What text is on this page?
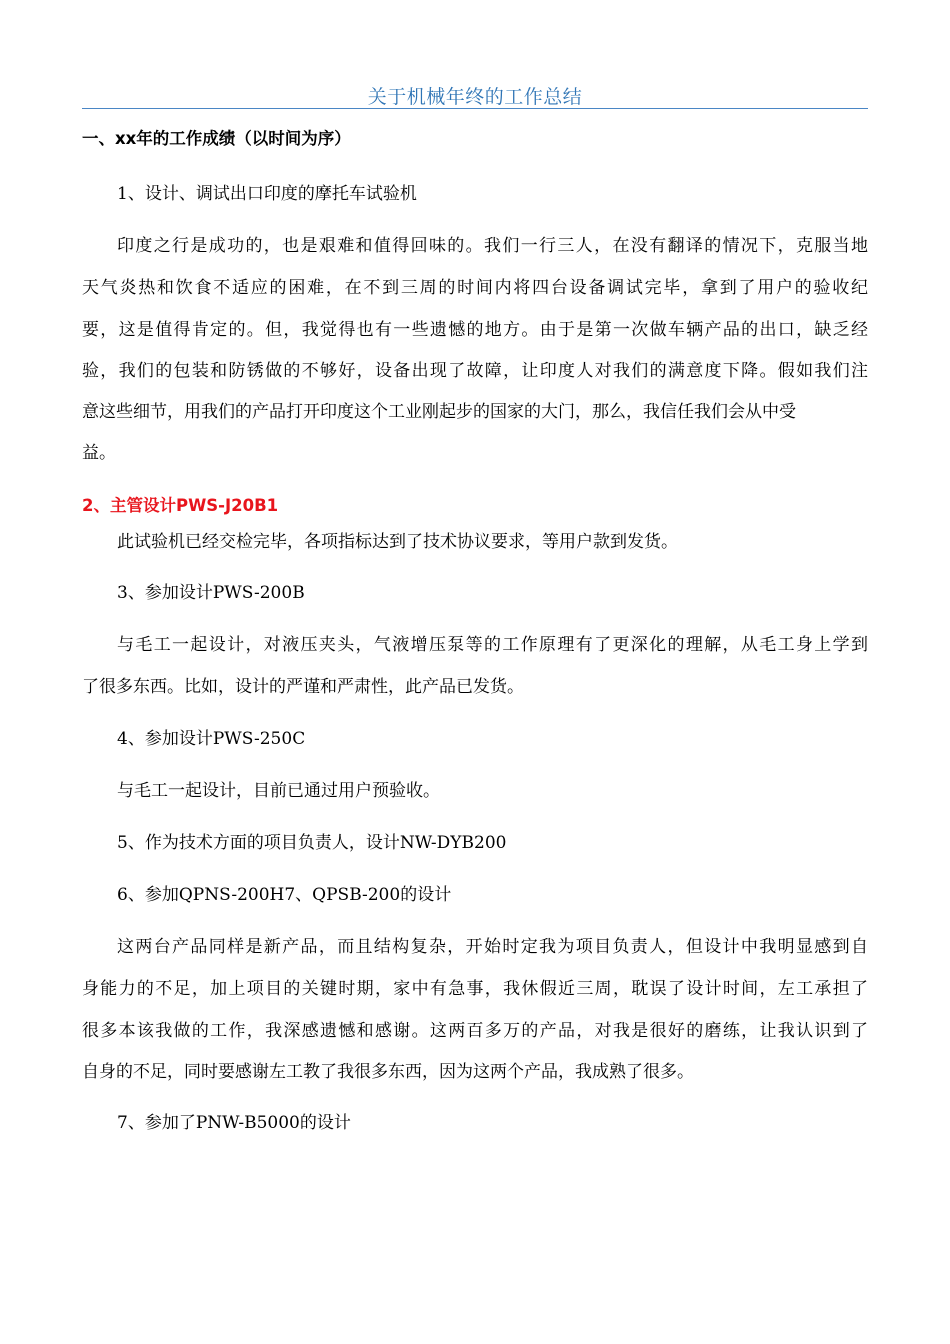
关于机械年终的工作总结
一、xx年的工作成绩（以时间为序）
1、设计、调试出口印度的摩托车试验机
印度之行是成功的，也是艰难和值得回味的。我们一行三人，在没有翻译的情况下，克服当地
天气炎热和饮食不适应的困难，在不到三周的时间内将四台设备调试完毕，拿到了用户的验收纪
要，这是值得肯定的。但，我觉得也有一些遗憾的地方。由于是第一次做车辆产品的出口，缺乏经
验，我们的包装和防锈做的不够好，设备出现了故障，让印度人对我们的满意度下降。假如我们注
意这些细节，用我们的产品打开印度这个工业刚起步的国家的大门，那么，我信任我们会从中受
益。
2、主管设计PWS-J20B1
此试验机已经交检完毕，各项指标达到了技术协议要求，等用户款到发货。
3、参加设计PWS-200B
与毛工一起设计，对液压夹头，气液增压泵等的工作原理有了更深化的理解，从毛工身上学到
了很多东西。比如，设计的严谨和严肃性，此产品已发货。
4、参加设计PWS-250C
与毛工一起设计，目前已通过用户预验收。
5、作为技术方面的项目负责人，设计NW-DYB200
6、参加QPNS-200H7、QPSB-200的设计
这两台产品同样是新产品，而且结构复杂，开始时定我为项目负责人，但设计中我明显感到自
身能力的不足，加上项目的关键时期，家中有急事，我休假近三周，耽误了设计时间，左工承担了
很多本该我做的工作，我深感遗憾和感谢。这两百多万的产品，对我是很好的磨练，让我认识到了
自身的不足，同时要感谢左工教了我很多东西，因为这两个产品，我成熟了很多。
7、参加了PNW-B5000的设计
